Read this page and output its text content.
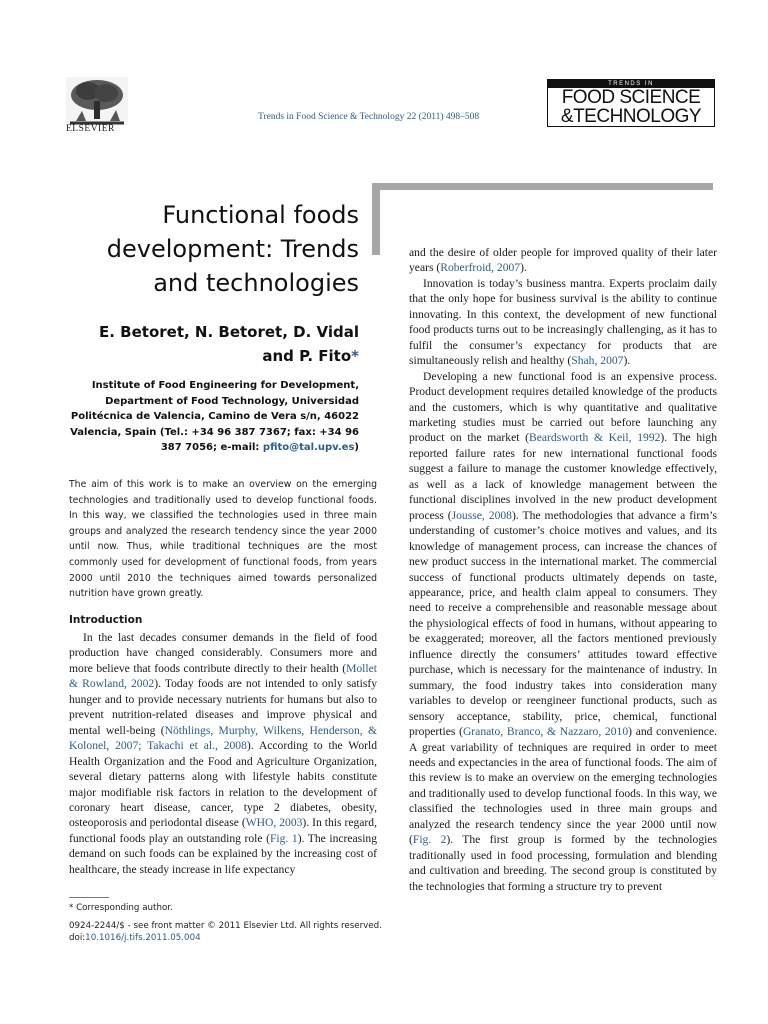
ELSEVIER
Trends in Food Science & Technology 22 (2011) 498–508
TRENDS IN
FOOD SCIENCE
&TECHNOLOGY
Functional foods
development: Trends
and technologies
E. Betoret, N. Betoret, D. Vidal
and P. Fito*
Institute of Food Engineering for Development,
Department of Food Technology, Universidad
Politécnica de Valencia, Camino de Vera s/n, 46022
Valencia, Spain (Tel.: +34 96 387 7367; fax: +34 96
387 7056; e-mail: pfito@tal.upv.es)
The aim of this work is to make an overview on the emerging technologies and traditionally used to develop functional foods. In this way, we classified the technologies used in three main groups and analyzed the research tendency since the year 2000 until now. Thus, while traditional techniques are the most commonly used for development of functional foods, from years 2000 until 2010 the techniques aimed towards personalized nutrition have grown greatly.
Introduction

In the last decades consumer demands in the field of food production have changed considerably. Consumers more and more believe that foods contribute directly to their health (Mollet & Rowland, 2002). Today foods are not intended to only satisfy hunger and to provide necessary nutrients for humans but also to prevent nutrition-related diseases and improve physical and mental well-being (Nöthlings, Murphy, Wilkens, Henderson, & Kolonel, 2007; Takachi et al., 2008). According to the World Health Organization and the Food and Agriculture Organization, several dietary patterns along with lifestyle habits constitute major modifiable risk factors in relation to the development of coronary heart disease, cancer, type 2 diabetes, obesity, osteoporosis and periodontal disease (WHO, 2003). In this regard, functional foods play an outstanding role (Fig. 1). The increasing demand on such foods can be explained by the increasing cost of healthcare, the steady increase in life expectancy

and the desire of older people for improved quality of their later years (Roberfroid, 2007).

Innovation is today’s business mantra. Experts proclaim daily that the only hope for business survival is the ability to continue innovating. In this context, the development of new functional food products turns out to be increasingly challenging, as it has to fulfil the consumer’s expectancy for products that are simultaneously relish and healthy (Shah, 2007).

Developing a new functional food is an expensive process. Product development requires detailed knowledge of the products and the customers, which is why quantitative and qualitative marketing studies must be carried out before launching any product on the market (Beardsworth & Keil, 1992). The high reported failure rates for new international functional foods suggest a failure to manage the customer knowledge effectively, as well as a lack of knowledge management between the functional disciplines involved in the new product development process (Jousse, 2008). The methodologies that advance a firm’s understanding of customer’s choice motives and values, and its knowledge of management process, can increase the chances of new product success in the international market. The commercial success of functional products ultimately depends on taste, appearance, price, and health claim appeal to consumers. They need to receive a comprehensible and reasonable message about the physiological effects of food in humans, without appearing to be exaggerated; moreover, all the factors mentioned previously influence directly the consumers’ attitudes toward effective purchase, which is necessary for the maintenance of industry. In summary, the food industry takes into consideration many variables to develop or reengineer functional products, such as sensory acceptance, stability, price, chemical, functional properties (Granato, Branco, & Nazzaro, 2010) and convenience. A great variability of techniques are required in order to meet needs and expectancies in the area of functional foods. The aim of this review is to make an overview on the emerging technologies and traditionally used to develop functional foods. In this way, we classified the technologies used in three main groups and analyzed the research tendency since the year 2000 until now (Fig. 2). The first group is formed by the technologies traditionally used in food processing, formulation and blending and cultivation and breeding. The second group is constituted by the technologies that forming a structure try to prevent

* Corresponding author.
0924-2244/$ - see front matter © 2011 Elsevier Ltd. All rights reserved.
doi:10.1016/j.tifs.2011.05.004
